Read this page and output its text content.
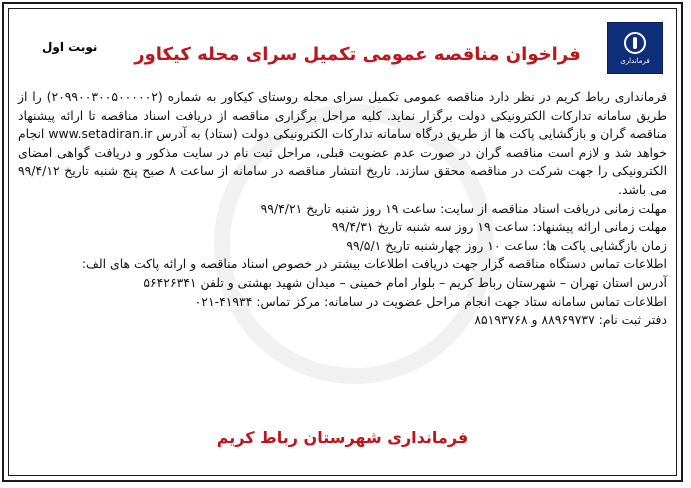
فرمانداری
نوبت اول	فراخوان مناقصه عمومی تکمیل سرای محله کیکاور

فرمانداری رباط کریم در نظر دارد مناقصه عمومی تکمیل سرای محله روستای کیکاور به شماره (۲۰۹۹۰۰۳۰۰۵۰۰۰۰۰۲) را از طریق سامانه تدارکات الکترونیکی دولت برگزار نماید. کلیه مراحل برگزاری مناقصه از دریافت اسناد مناقصه تا ارائه پیشنهاد مناقصه گران و بازگشایی پاکت ها از طریق درگاه سامانه تدارکات الکترونیکی دولت (ستاد) به آدرس www.setadiran.ir انجام خواهد شد و لازم است مناقصه گران در صورت عدم عضویت قبلی، مراحل ثبت نام در سایت مذکور و دریافت گواهی امضای الکترونیکی را جهت شرکت در مناقصه محقق سازند. تاریخ انتشار مناقصه در سامانه از ساعت ۸ صبح پنج شنبه تاریخ ۹۹/۴/۱۲ می باشد.

مهلت زمانی دریافت اسناد مناقصه از سایت: ساعت ۱۹ روز شنبه تاریخ ۹۹/۴/۲۱

مهلت زمانی ارائه پیشنهاد: ساعت ۱۹ روز سه شنبه تاریخ ۹۹/۴/۳۱

زمان بازگشایی پاکت ها: ساعت ۱۰ روز چهارشنبه تاریخ ۹۹/۵/۱

اطلاعات تماس دستگاه مناقصه گزار جهت دریافت اطلاعات بیشتر در خصوص اسناد مناقصه و ارائه پاکت های الف:

آدرس استان تهران – شهرستان رباط کریم – بلوار امام خمینی – میدان شهید بهشتی و تلفن ۵۶۴۲۶۳۴۱

اطلاعات تماس سامانه ستاد جهت انجام مراحل عضویت در سامانه: مرکز تماس: ۴۱۹۳۴-۰۲۱

دفتر ثبت نام: ۸۸۹۶۹۷۳۷ و ۸۵۱۹۳۷۶۸

فرمانداری شهرستان رباط کریم
